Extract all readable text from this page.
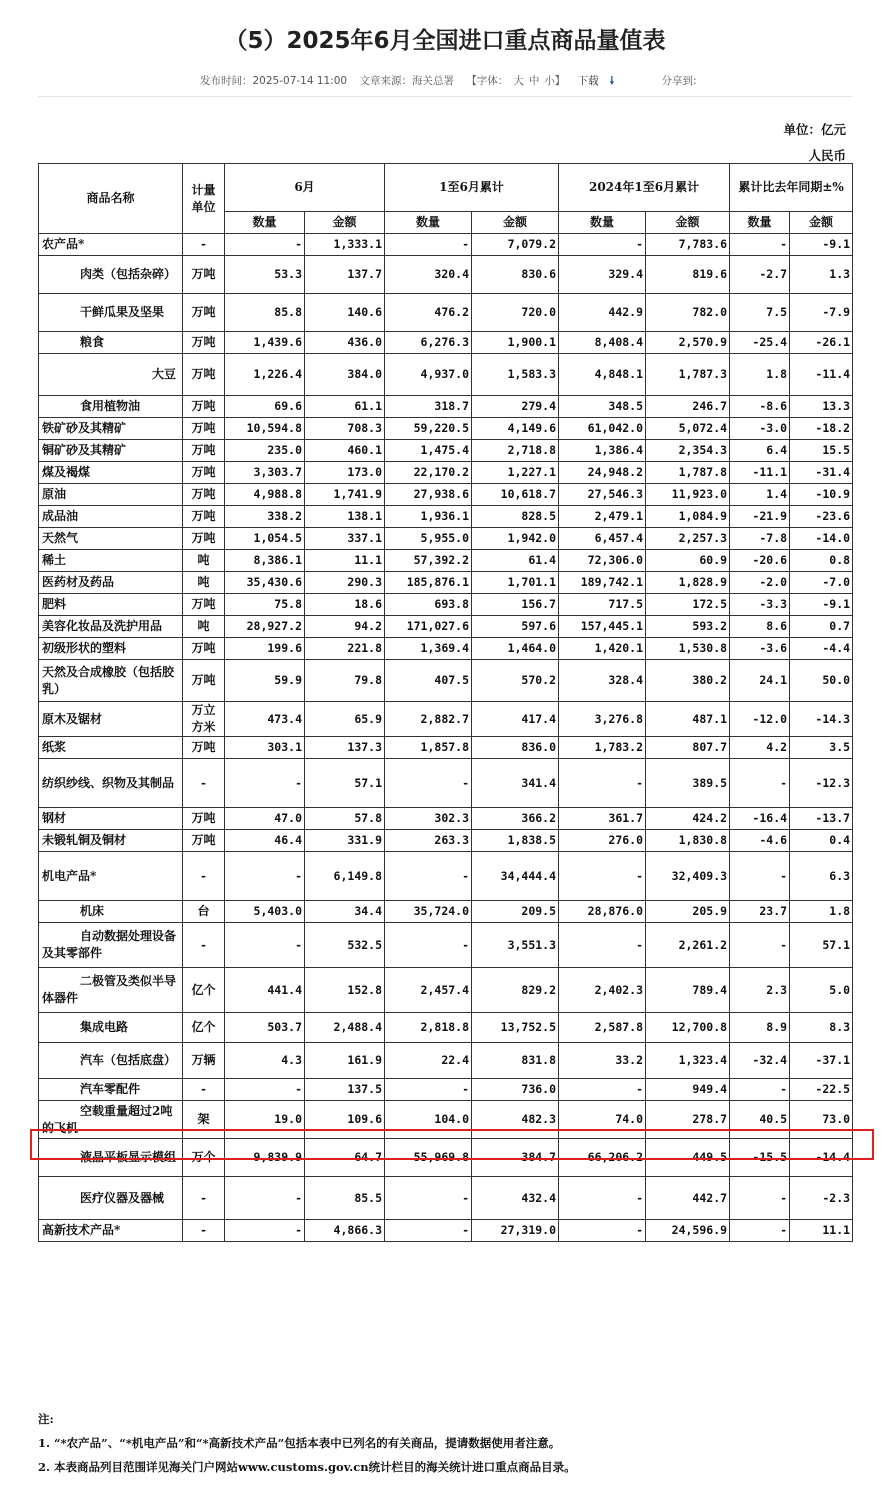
（5）2025年6月全国进口重点商品量值表
发布时间：2025-07-14 11:00 文章来源：海关总署 【字体： 大 中 小】 下载 🠗	分享到:
单位：亿元人民币
商品名称	计量单位	6月		1至6月累计		2024年1至6月累计		累计比去年同期±%	
		数量	金额	数量	金额	数量	金额	数量	金额
农产品*	-	-	1,333.1	-	7,079.2	-	7,783.6	-	-9.1
肉类（包括杂碎）	万吨	53.3	137.7	320.4	830.6	329.4	819.6	-2.7	1.3
干鲜瓜果及坚果	万吨	85.8	140.6	476.2	720.0	442.9	782.0	7.5	-7.9
粮食	万吨	1,439.6	436.0	6,276.3	1,900.1	8,408.4	2,570.9	-25.4	-26.1
大豆	万吨	1,226.4	384.0	4,937.0	1,583.3	4,848.1	1,787.3	1.8	-11.4
食用植物油	万吨	69.6	61.1	318.7	279.4	348.5	246.7	-8.6	13.3
铁矿砂及其精矿	万吨	10,594.8	708.3	59,220.5	4,149.6	61,042.0	5,072.4	-3.0	-18.2
铜矿砂及其精矿	万吨	235.0	460.1	1,475.4	2,718.8	1,386.4	2,354.3	6.4	15.5
煤及褐煤	万吨	3,303.7	173.0	22,170.2	1,227.1	24,948.2	1,787.8	-11.1	-31.4
原油	万吨	4,988.8	1,741.9	27,938.6	10,618.7	27,546.3	11,923.0	1.4	-10.9
成品油	万吨	338.2	138.1	1,936.1	828.5	2,479.1	1,084.9	-21.9	-23.6
天然气	万吨	1,054.5	337.1	5,955.0	1,942.0	6,457.4	2,257.3	-7.8	-14.0
稀土	吨	8,386.1	11.1	57,392.2	61.4	72,306.0	60.9	-20.6	0.8
医药材及药品	吨	35,430.6	290.3	185,876.1	1,701.1	189,742.1	1,828.9	-2.0	-7.0
肥料	万吨	75.8	18.6	693.8	156.7	717.5	172.5	-3.3	-9.1
美容化妆品及洗护用品	吨	28,927.2	94.2	171,027.6	597.6	157,445.1	593.2	8.6	0.7
初级形状的塑料	万吨	199.6	221.8	1,369.4	1,464.0	1,420.1	1,530.8	-3.6	-4.4
天然及合成橡胶（包括胶乳）	万吨	59.9	79.8	407.5	570.2	328.4	380.2	24.1	50.0
原木及锯材	万立方米	473.4	65.9	2,882.7	417.4	3,276.8	487.1	-12.0	-14.3
纸浆	万吨	303.1	137.3	1,857.8	836.0	1,783.2	807.7	4.2	3.5
纺织纱线、织物及其制品	-	-	57.1	-	341.4	-	389.5	-	-12.3
钢材	万吨	47.0	57.8	302.3	366.2	361.7	424.2	-16.4	-13.7
未锻轧铜及铜材	万吨	46.4	331.9	263.3	1,838.5	276.0	1,830.8	-4.6	0.4
机电产品*	-	-	6,149.8	-	34,444.4	-	32,409.3	-	6.3
机床	台	5,403.0	34.4	35,724.0	209.5	28,876.0	205.9	23.7	1.8
自动数据处理设备及其零部件	-	-	532.5	-	3,551.3	-	2,261.2	-	57.1
二极管及类似半导体器件	亿个	441.4	152.8	2,457.4	829.2	2,402.3	789.4	2.3	5.0
集成电路	亿个	503.7	2,488.4	2,818.8	13,752.5	2,587.8	12,700.8	8.9	8.3
汽车（包括底盘）	万辆	4.3	161.9	22.4	831.8	33.2	1,323.4	-32.4	-37.1
汽车零配件	-	-	137.5	-	736.0	-	949.4	-	-22.5
空载重量超过2吨的飞机	架	19.0	109.6	104.0	482.3	74.0	278.7	40.5	73.0
液晶平板显示模组	万个	9,839.9	64.7	55,969.8	384.7	66,206.2	449.5	-15.5	-14.4
医疗仪器及器械	-	-	85.5	-	432.4	-	442.7	-	-2.3
高新技术产品*	-	-	4,866.3	-	27,319.0	-	24,596.9	-	11.1
注:
1. “*农产品”、“*机电产品”和“*高新技术产品”包括本表中已列名的有关商品，提请数据使用者注意。
2. 本表商品列目范围详见海关门户网站www.customs.gov.cn统计栏目的海关统计进口重点商品目录。
